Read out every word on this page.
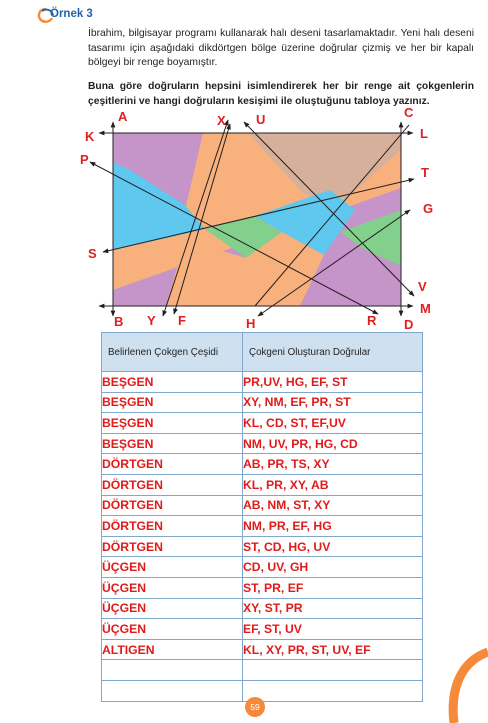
Örnek 3
İbrahim, bilgisayar programı kullanarak halı deseni tasarlamaktadır. Yeni halı deseni tasarımı için aşağıdaki dikdörtgen bölge üzerine doğrular çizmiş ve her bir kapalı bölgeyi bir renge boyamıştır.
Buna göre doğruların hepsini isimlendirerek her bir renge ait çokgenlerin çeşitlerini ve hangi doğruların kesişimi ile oluştuğunu tabloya yazınız.
A	X U	C
K	L
P
T
G
S
V
M
B Y F	H	R D
Belirlenen Çokgen Çeşidi	Çokgeni Oluşturan Doğrular
BEŞGEN	PR,UV, HG, EF, ST
BEŞGEN	XY, NM, EF, PR, ST
BEŞGEN	KL, CD, ST, EF,UV
BEŞGEN	NM, UV, PR, HG, CD
DÖRTGEN	AB, PR, TS, XY
DÖRTGEN	KL, PR, XY, AB
DÖRTGEN	AB, NM, ST, XY
DÖRTGEN	NM, PR, EF, HG
DÖRTGEN	ST, CD, HG, UV
ÜÇGEN	CD, UV, GH
ÜÇGEN	ST, PR, EF
ÜÇGEN	XY, ST, PR
ÜÇGEN	EF, ST, UV
ALTIGEN	KL, XY, PR, ST, UV, EF

59
